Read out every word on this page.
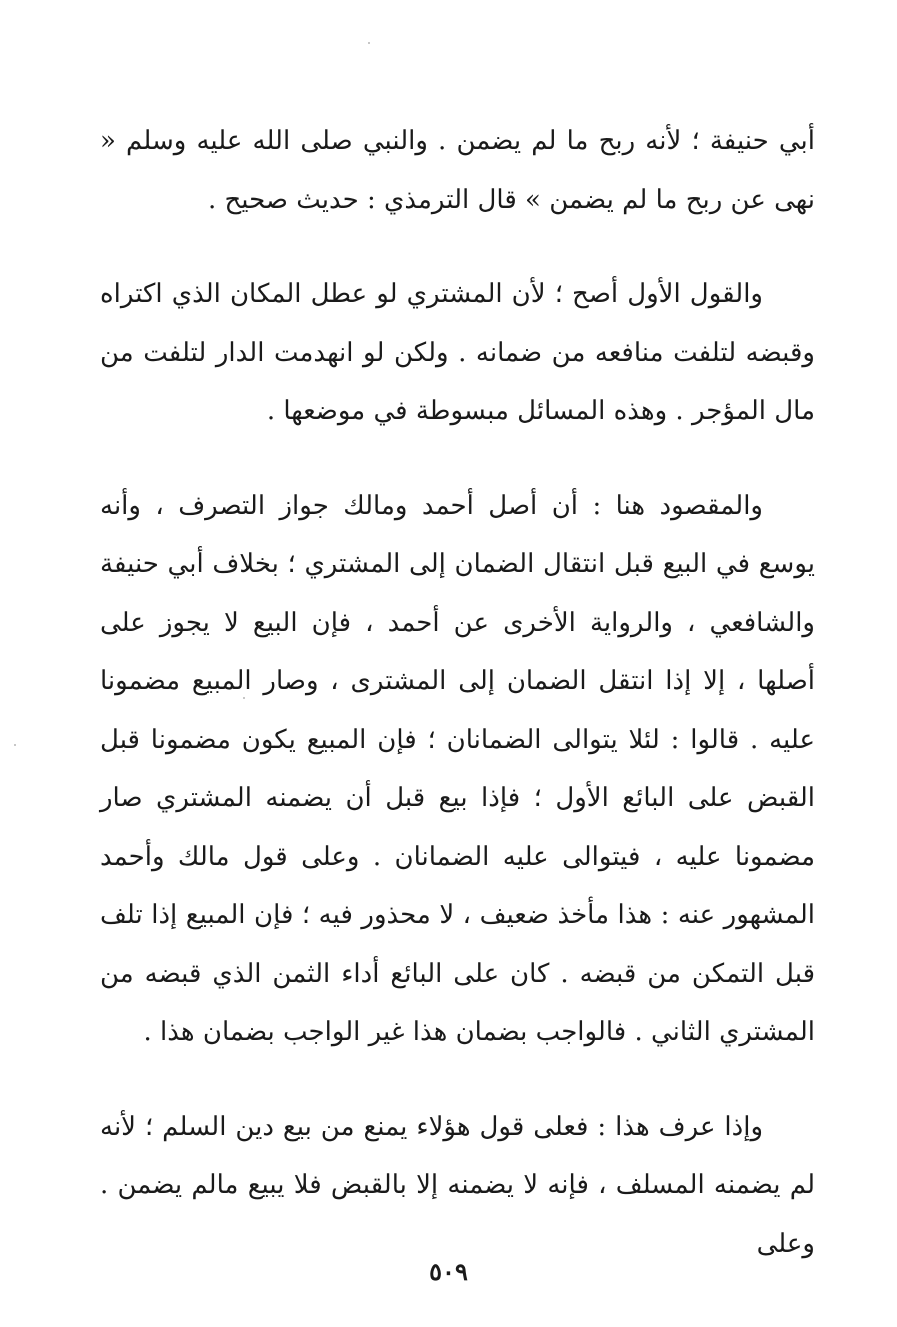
أبي حنيفة ؛ لأنه ربح ما لم يضمن . والنبي صلى الله عليه وسلم « نهى عن ربح ما لم يضمن » قال الترمذي : حديث صحيح .

والقول الأول أصح ؛ لأن المشتري لو عطل المكان الذي اكتراه وقبضه لتلفت منافعه من ضمانه . ولكن لو انهدمت الدار لتلفت من مال المؤجر . وهذه المسائل مبسوطة في موضعها .

والمقصود هنا : أن أصل أحمد ومالك جواز التصرف ، وأنه يوسع في البيع قبل انتقال الضمان إلى المشتري ؛ بخلاف أبي حنيفة والشافعي ، والرواية الأخرى عن أحمد ، فإن البيع لا يجوز على أصلها ، إلا إذا انتقل الضمان إلى المشترى ، وصار المبيع مضمونا عليه . قالوا : لئلا يتوالى الضمانان ؛ فإن المبيع يكون مضمونا قبل القبض على البائع الأول ؛ فإذا بيع قبل أن يضمنه المشتري صار مضمونا عليه ، فيتوالى عليه الضمانان . وعلى قول مالك وأحمد المشهور عنه : هذا مأخذ ضعيف ، لا محذور فيه ؛ فإن المبيع إذا تلف قبل التمكن من قبضه . كان على البائع أداء الثمن الذي قبضه من المشتري الثاني . فالواجب بضمان هذا غير الواجب بضمان هذا .

وإذا عرف هذا : فعلى قول هؤلاء يمنع من بيع دين السلم ؛ لأنه لم يضمنه المسلف ، فإنه لا يضمنه إلا بالقبض فلا يبيع مالم يضمن . وعلى

٥٠٩
